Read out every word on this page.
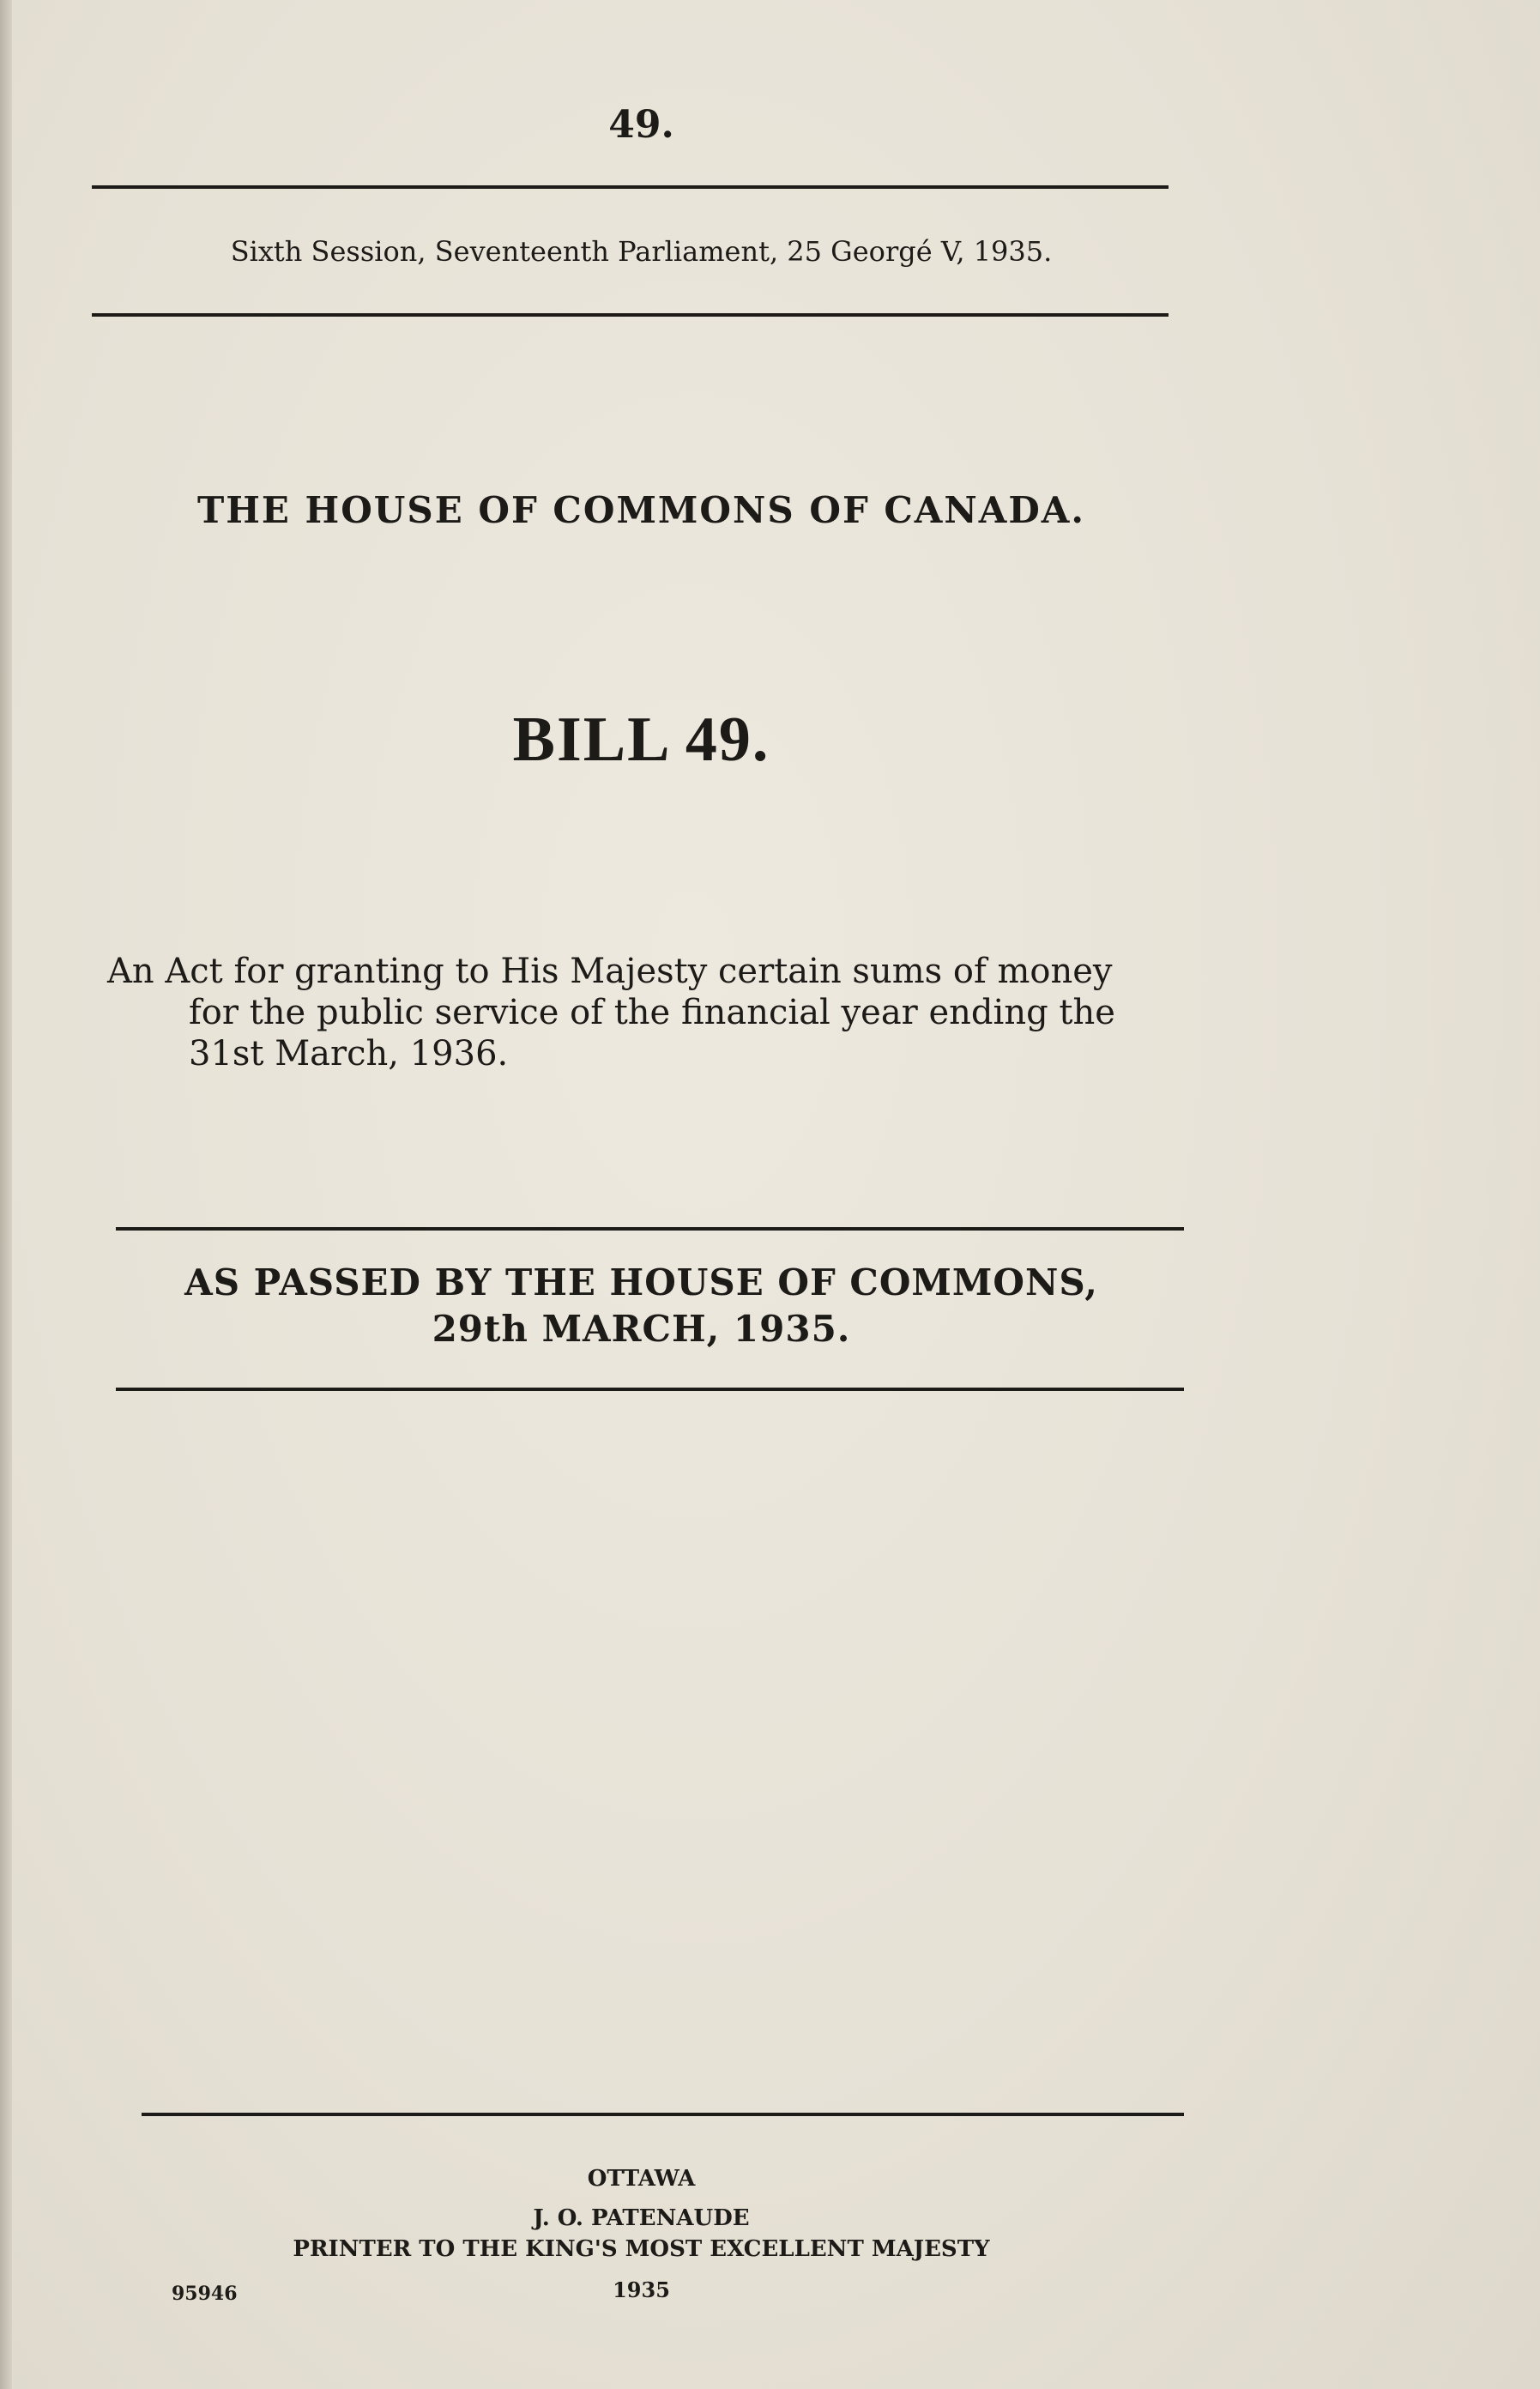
49.
Sixth Session, Seventeenth Parliament, 25 Georgé V, 1935.
THE HOUSE OF COMMONS OF CANADA.
BILL 49.
An Act for granting to His Majesty certain sums of money
for the public service of the financial year ending the
31st March, 1936.
AS PASSED BY THE HOUSE OF COMMONS,
29th MARCH, 1935.
OTTAWA
J. O. PATENAUDE
PRINTER TO THE KING'S MOST EXCELLENT MAJESTY
1935
95946
